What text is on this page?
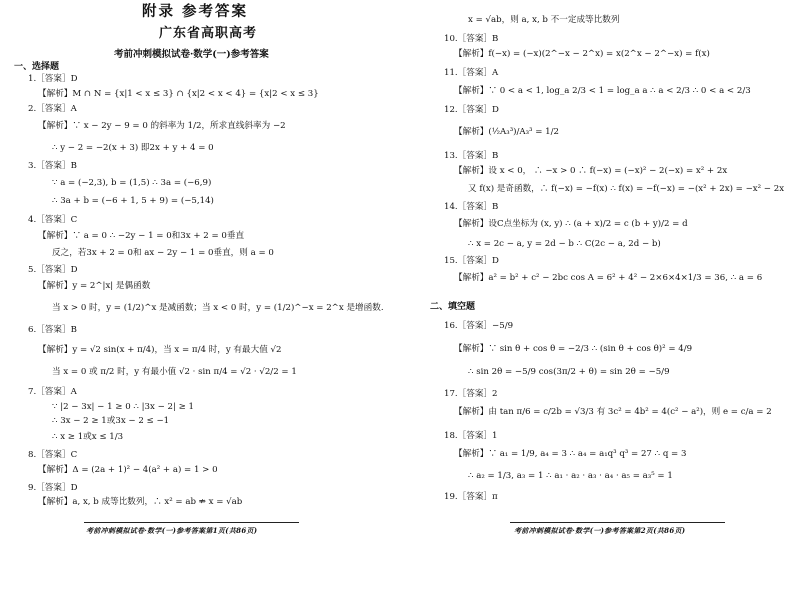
附录 参考答案
广东省高职高考
考前冲刺模拟试卷·数学(一)参考答案
一、选择题
1.［答案］D
【解析】M ∩ N = {x|1 < x ≤ 3} ∩ {x|2 < x < 4} = {x|2 < x ≤ 3}
2.［答案］A
【解析】∵ x − 2y − 9 = 0 的斜率为 1/2，所求直线斜率为 −2
∴ y − 2 = −2(x + 3) 即2x + y + 4 = 0
3.［答案］B
∵ a = (−2,3), b = (1,5) ∴ 3a = (−6,9)
∴ 3a + b = (−6 + 1, 5 + 9) = (−5,14)
4.［答案］C
【解析】∵ a = 0 ∴ −2y − 1 = 0和3x + 2 = 0垂直
反之，若3x + 2 = 0和 ax − 2y − 1 = 0垂直，则 a = 0
5.［答案］D
【解析】y = 2^|x| 是偶函数
当 x > 0 时，y = (1/2)^x 是减函数；当 x < 0 时，y = (1/2)^−x = 2^x 是增函数.
6.［答案］B
【解析】y = √2 sin(x + π/4)，当 x = π/4 时，y 有最大值 √2
当 x = 0 或 π/2 时，y 有最小值 √2 · sin π/4 = √2 · √2/2 = 1
7.［答案］A
∵ |2 − 3x| − 1 ≥ 0 ∴ |3x − 2| ≥ 1
∴ 3x − 2 ≥ 1或3x − 2 ≤ −1
∴ x ≥ 1或x ≤ 1/3
8.［答案］C
【解析】Δ = (2a + 1)² − 4(a² + a) = 1 > 0
9.［答案］D
【解析】a, x, b 成等比数列，∴ x² = ab ⇏ x = √ab
考前冲刺模拟试卷·数学(一)参考答案第1页(共86页)
x = √ab，则 a, x, b 不一定成等比数列
10.［答案］B
【解析】f(−x) = (−x)(2^−x − 2^x) = x(2^x − 2^−x) = f(x)
11.［答案］A
【解析】∵ 0 < a < 1, log_a 2/3 < 1 = log_a a ∴ a < 2/3 ∴ 0 < a < 2/3
12.［答案］D
【解析】(½A₃³)/A₃³ = 1/2
13.［答案］B
【解析】设 x < 0， ∴ −x > 0 ∴ f(−x) = (−x)² − 2(−x) = x² + 2x
又 f(x) 是奇函数，∴ f(−x) = −f(x) ∴ f(x) = −f(−x) = −(x² + 2x) = −x² − 2x
14.［答案］B
【解析】设C点坐标为 (x, y) ∴ (a + x)/2 = c (b + y)/2 = d
∴ x = 2c − a, y = 2d − b ∴ C(2c − a, 2d − b)
15.［答案］D
【解析】a² = b² + c² − 2bc cos A = 6² + 4² − 2×6×4×1/3 = 36, ∴ a = 6
二、填空题
16.［答案］−5/9
【解析】∵ sin θ + cos θ = −2/3 ∴ (sin θ + cos θ)² = 4/9
∴ sin 2θ = −5/9 cos(3π/2 + θ) = sin 2θ = −5/9
17.［答案］2
【解析】由 tan π/6 = c/2b = √3/3 有 3c² = 4b² = 4(c² − a²)，则 e = c/a = 2
18.［答案］1
【解析】∵ a₁ = 1/9, a₄ = 3 ∴ a₄ = a₁q³ q³ = 27 ∴ q = 3
∴ a₂ = 1/3, a₃ = 1 ∴ a₁ · a₂ · a₃ · a₄ · a₅ = a₃⁵ = 1
19.［答案］π
考前冲刺模拟试卷·数学(一)参考答案第2页(共86页)
